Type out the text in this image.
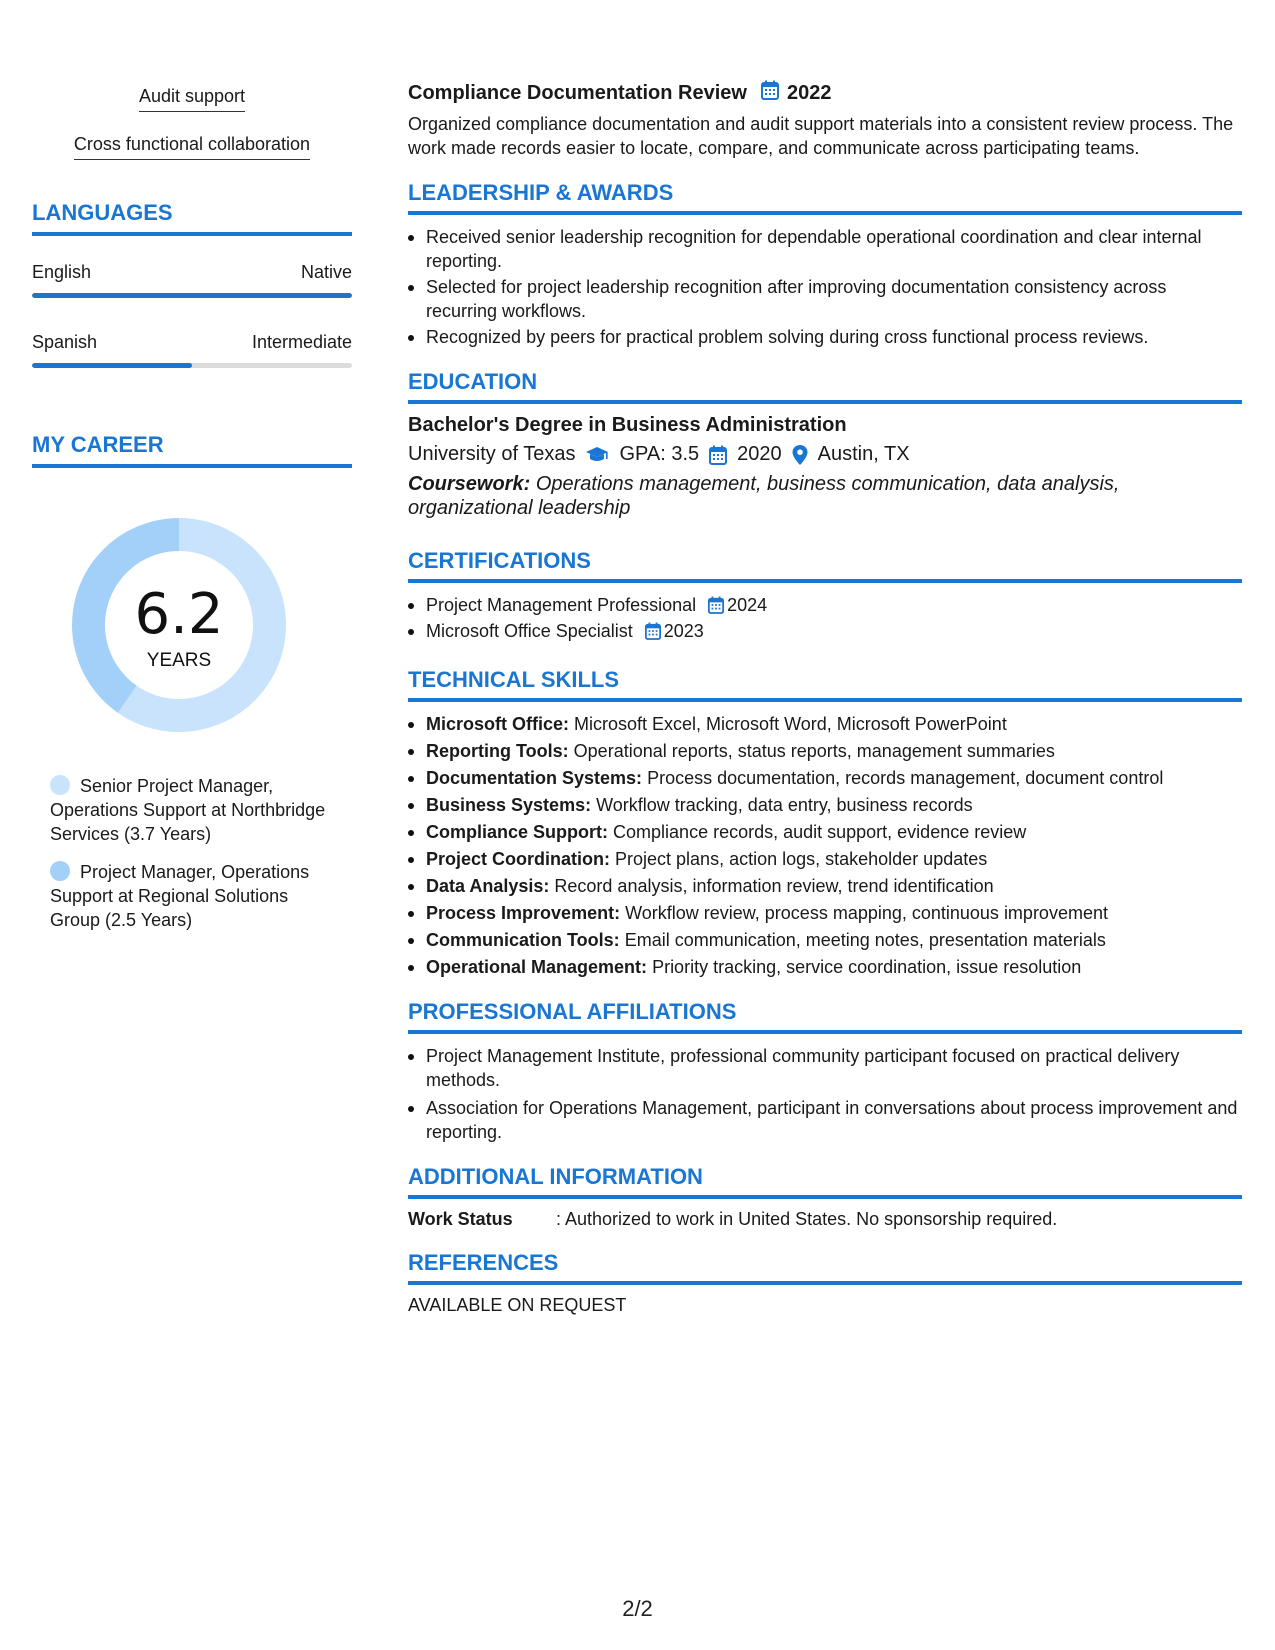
Audit support
Cross functional collaboration
LANGUAGES
English	Native
Spanish	Intermediate
MY CAREER
6.2
YEARS
Senior Project Manager, Operations Support at Northbridge Services (3.7 Years)
Project Manager, Operations Support at Regional Solutions Group (2.5 Years)
Compliance Documentation Review 2022
Organized compliance documentation and audit support materials into a consistent review process. The work made records easier to locate, compare, and communicate across participating teams.
LEADERSHIP & AWARDS
Received senior leadership recognition for dependable operational coordination and clear internal reporting.
Selected for project leadership recognition after improving documentation consistency across recurring workflows.
Recognized by peers for practical problem solving during cross functional process reviews.
EDUCATION
Bachelor's Degree in Business Administration
University of Texas GPA: 3.5 2020 Austin, TX
Coursework: Operations management, business communication, data analysis, organizational leadership
CERTIFICATIONS
Project Management Professional 2024
Microsoft Office Specialist 2023
TECHNICAL SKILLS
Microsoft Office: Microsoft Excel, Microsoft Word, Microsoft PowerPoint
Reporting Tools: Operational reports, status reports, management summaries
Documentation Systems: Process documentation, records management, document control
Business Systems: Workflow tracking, data entry, business records
Compliance Support: Compliance records, audit support, evidence review
Project Coordination: Project plans, action logs, stakeholder updates
Data Analysis: Record analysis, information review, trend identification
Process Improvement: Workflow review, process mapping, continuous improvement
Communication Tools: Email communication, meeting notes, presentation materials
Operational Management: Priority tracking, service coordination, issue resolution
PROFESSIONAL AFFILIATIONS
Project Management Institute, professional community participant focused on practical delivery methods.
Association for Operations Management, participant in conversations about process improvement and reporting.
ADDITIONAL INFORMATION
Work Status	: Authorized to work in United States. No sponsorship required.
REFERENCES
AVAILABLE ON REQUEST
2/2
